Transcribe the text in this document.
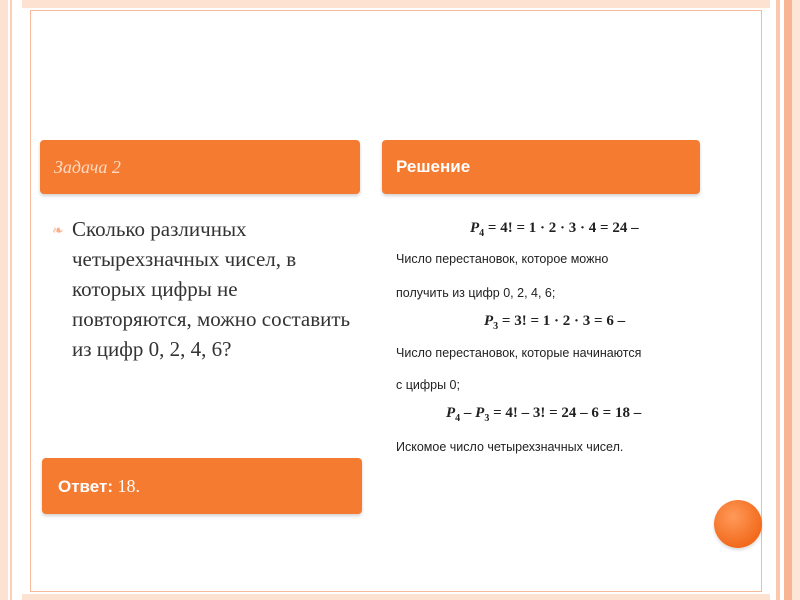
Задача 2	Решение
❧ Сколько различных четырехзначных чисел, в которых цифры не повторяются, можно составить из цифр 0, 2, 4, 6?
$P_4 = 4$! = 1 · 2 · 3 · 4 = 24 –
Число перестановок, которое можно
получить из цифр 0, 2, 4, 6;
$P_3 = 3$! = 1 · 2 · 3 = 6 –
Число перестановок, которые начинаются
с цифры 0;
$P_4 - P_3 = 4$! – 3! = 24 – 6 = 18 –
Искомое число четырехзначных чисел.
Ответ: 18.
